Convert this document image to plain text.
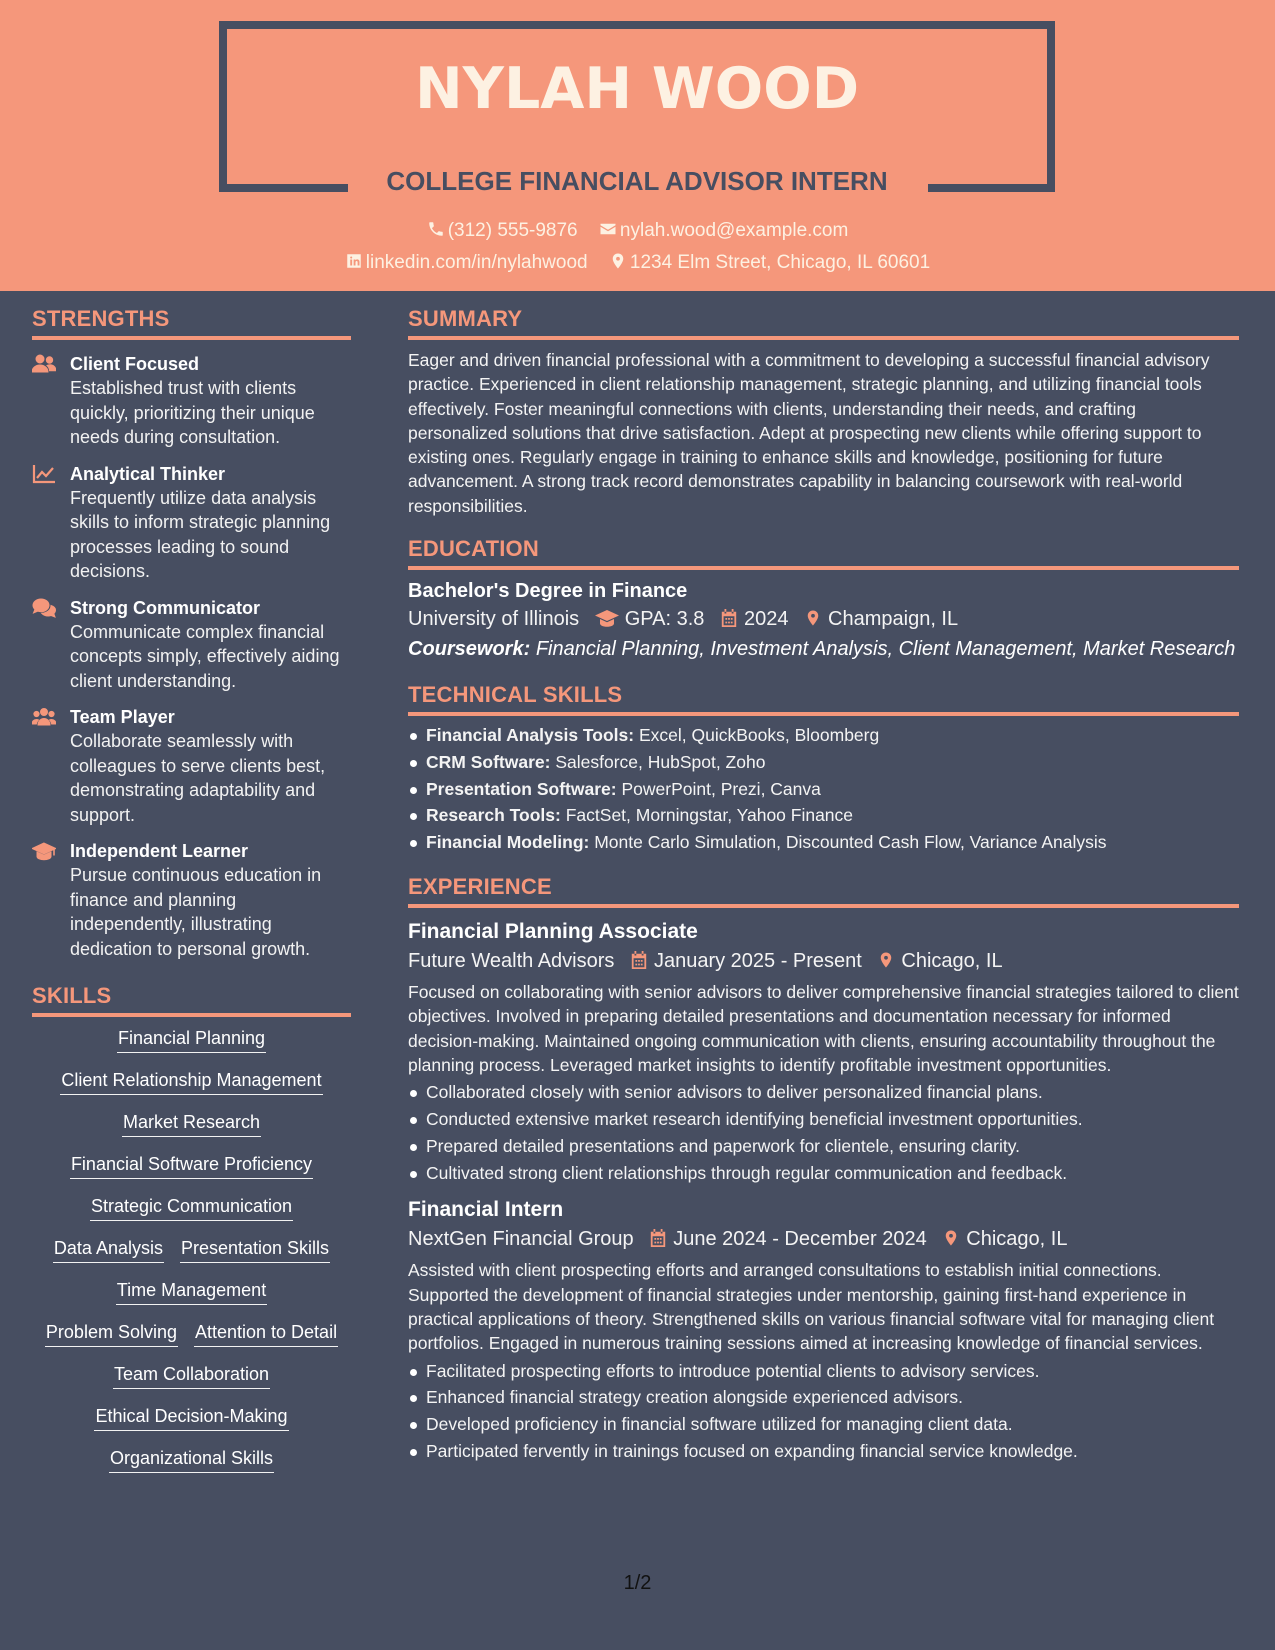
NYLAH WOOD
COLLEGE FINANCIAL ADVISOR INTERN
(312) 555-9876 nylah.wood@example.com
linkedin.com/in/nylahwood 1234 Elm Street, Chicago, IL 60601
STRENGTHS
Client Focused
Established trust with clients quickly, prioritizing their unique needs during consultation.
Analytical Thinker
Frequently utilize data analysis skills to inform strategic planning processes leading to sound decisions.
Strong Communicator
Communicate complex financial concepts simply, effectively aiding client understanding.
Team Player
Collaborate seamlessly with colleagues to serve clients best, demonstrating adaptability and support.
Independent Learner
Pursue continuous education in finance and planning independently, illustrating dedication to personal growth.
SKILLS
Financial Planning
Client Relationship Management
Market Research
Financial Software Proficiency
Strategic Communication
Data Analysis Presentation Skills
Time Management
Problem Solving Attention to Detail
Team Collaboration
Ethical Decision-Making
Organizational Skills
SUMMARY
Eager and driven financial professional with a commitment to developing a successful financial advisory practice. Experienced in client relationship management, strategic planning, and utilizing financial tools effectively. Foster meaningful connections with clients, understanding their needs, and crafting personalized solutions that drive satisfaction. Adept at prospecting new clients while offering support to existing ones. Regularly engage in training to enhance skills and knowledge, positioning for future advancement. A strong track record demonstrates capability in balancing coursework with real-world responsibilities.
EDUCATION
Bachelor's Degree in Finance
University of Illinois GPA: 3.8 2024 Champaign, IL
Coursework: Financial Planning, Investment Analysis, Client Management, Market Research
TECHNICAL SKILLS
Financial Analysis Tools: Excel, QuickBooks, Bloomberg
CRM Software: Salesforce, HubSpot, Zoho
Presentation Software: PowerPoint, Prezi, Canva
Research Tools: FactSet, Morningstar, Yahoo Finance
Financial Modeling: Monte Carlo Simulation, Discounted Cash Flow, Variance Analysis
EXPERIENCE
Financial Planning Associate
Future Wealth Advisors January 2025 - Present Chicago, IL
Focused on collaborating with senior advisors to deliver comprehensive financial strategies tailored to client objectives. Involved in preparing detailed presentations and documentation necessary for informed decision-making. Maintained ongoing communication with clients, ensuring accountability throughout the planning process. Leveraged market insights to identify profitable investment opportunities.
Collaborated closely with senior advisors to deliver personalized financial plans.
Conducted extensive market research identifying beneficial investment opportunities.
Prepared detailed presentations and paperwork for clientele, ensuring clarity.
Cultivated strong client relationships through regular communication and feedback.
Financial Intern
NextGen Financial Group June 2024 - December 2024 Chicago, IL
Assisted with client prospecting efforts and arranged consultations to establish initial connections. Supported the development of financial strategies under mentorship, gaining first-hand experience in practical applications of theory. Strengthened skills on various financial software vital for managing client portfolios. Engaged in numerous training sessions aimed at increasing knowledge of financial services.
Facilitated prospecting efforts to introduce potential clients to advisory services.
Enhanced financial strategy creation alongside experienced advisors.
Developed proficiency in financial software utilized for managing client data.
Participated fervently in trainings focused on expanding financial service knowledge.
1/2
